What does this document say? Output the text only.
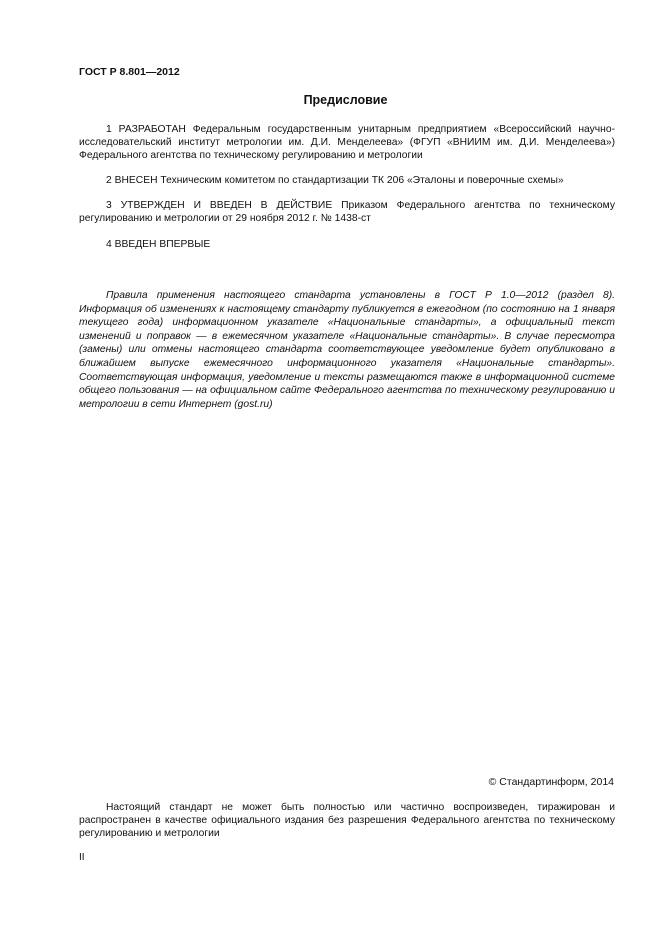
ГОСТ Р 8.801—2012
Предисловие
1 РАЗРАБОТАН Федеральным государственным унитарным предприятием «Всероссийский научно-исследовательский институт метрологии им. Д.И. Менделеева» (ФГУП «ВНИИМ им. Д.И. Менделеева») Федерального агентства по техническому регулированию и метрологии
2 ВНЕСЕН Техническим комитетом по стандартизации ТК 206 «Эталоны и поверочные схемы»
3 УТВЕРЖДЕН И ВВЕДЕН В ДЕЙСТВИЕ Приказом Федерального агентства по техническому регулированию и метрологии от 29 ноября 2012 г. № 1438-ст
4 ВВЕДЕН ВПЕРВЫЕ
Правила применения настоящего стандарта установлены в ГОСТ Р 1.0—2012 (раздел 8). Информация об изменениях к настоящему стандарту публикуется в ежегодном (по состоянию на 1 января текущего года) информационном указателе «Национальные стандарты», а официальный текст изменений и поправок — в ежемесячном указателе «Национальные стандарты». В случае пересмотра (замены) или отмены настоящего стандарта соответствующее уведомление будет опубликовано в ближайшем выпуске ежемесячного информационного указателя «Национальные стандарты». Соответствующая информация, уведомление и тексты размещаются также в информационной системе общего пользования — на официальном сайте Федерального агентства по техническому регулированию и метрологии в сети Интернет (gost.ru)
© Стандартинформ, 2014
Настоящий стандарт не может быть полностью или частично воспроизведен, тиражирован и распространен в качестве официального издания без разрешения Федерального агентства по техническому регулированию и метрологии
II
